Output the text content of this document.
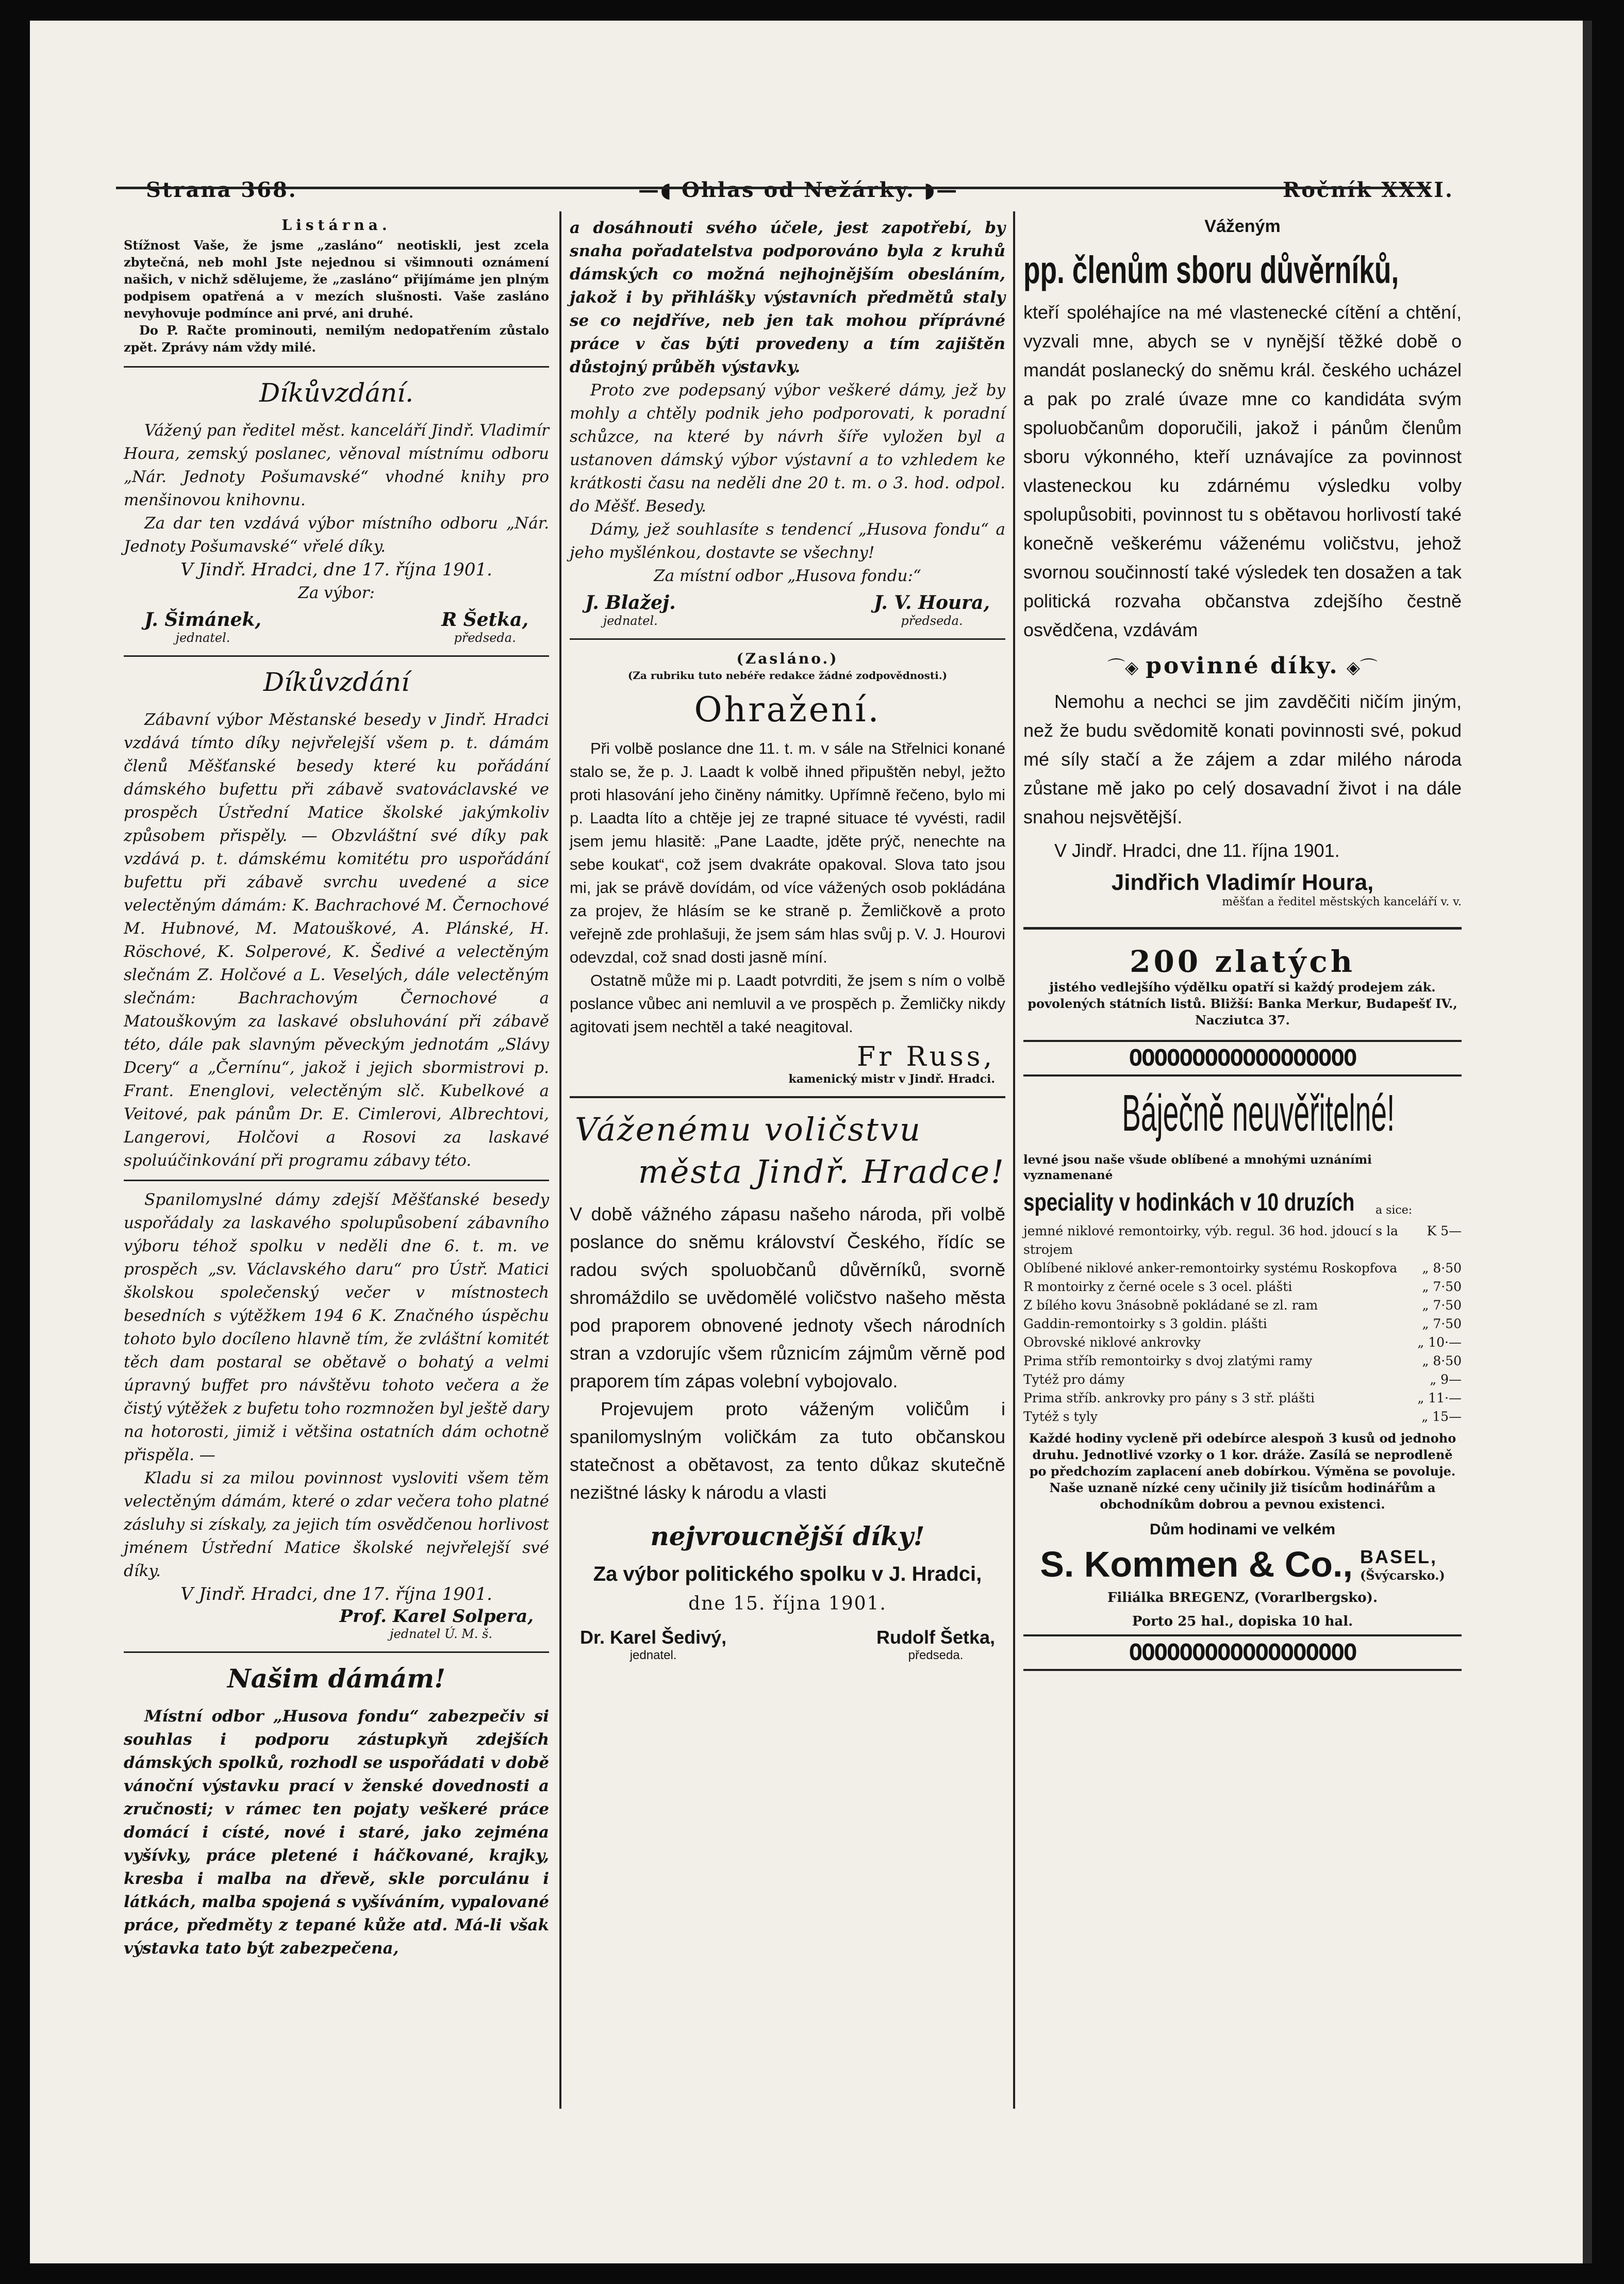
Strana 368.	—◖ Ohlas od Nežárky. ◗—	Ročník XXXI.

Listárna.

Stížnost Vaše, že jsme „zasláno“ neotiskli, jest zcela zbytečná, neb mohl Jste nejednou si všimnouti oznámení našich, v nichž sdělujeme, že „zasláno“ přijímáme jen plným podpisem opatřená a v mezích slušnosti. Vaše zasláno nevyhovuje podmínce ani prvé, ani druhé.

Do P. Račte prominouti, nemilým nedopatřením zůstalo zpět. Zprávy nám vždy milé.

Díkůvzdání.

Vážený pan ředitel měst. kanceláří Jindř. Vladimír Houra, zemský poslanec, věnoval místnímu odboru „Nár. Jednoty Pošumavské“ vhodné knihy pro menšinovou knihovnu.

Za dar ten vzdává výbor místního odboru „Nár. Jednoty Pošumavské“ vřelé díky.

V Jindř. Hradci, dne 17. října 1901.

Za výbor:

J. Šimánek,
jednatel.
R Šetka,
předseda.

Díkůvzdání

Zábavní výbor Městanské besedy v Jindř. Hradci vzdává tímto díky nejvřelejší všem p. t. dámám členů Měšťanské besedy které ku pořádání dámského bufettu při zábavě svatováclavské ve prospěch Ústřední Matice školské jakýmkoliv způsobem přispěly. — Obzvláštní své díky pak vzdává p. t. dámskému komitétu pro uspořádání bufettu při zábavě svrchu uvedené a sice velectěným dámám: K. Bachrachové M. Černochové M. Hubnové, M. Matouškové, A. Plánské, H. Röschové, K. Solperové, K. Šedivé a velectěným slečnám Z. Holčové a L. Veselých, dále velectěným slečnám: Bachrachovým Černochové a Matouškovým za laskavé obsluhování při zábavě této, dále pak slavným pěveckým jednotám „Slávy Dcery“ a „Černínu“, jakož i jejich sbormistrovi p. Frant. Enenglovi, velectěným slč. Kubelkové a Veitové, pak pánům Dr. E. Cimlerovi, Albrechtovi, Langerovi, Holčovi a Rosovi za laskavé spoluúčinkování při programu zábavy této.

Spanilomyslné dámy zdejší Měšťanské besedy uspořádaly za laskavého spolupůsobení zábavního výboru téhož spolku v neděli dne 6. t. m. ve prospěch „sv. Václavského daru“ pro Ústř. Matici školskou společenský večer v místnostech besedních s výtěžkem 194 6 K. Značného úspěchu tohoto bylo docíleno hlavně tím, že zvláštní komitét těch dam postaral se obětavě o bohatý a velmi úpravný buffet pro návštěvu tohoto večera a že čistý výtěžek z bufetu toho rozmnožen byl ještě dary na hotorosti, jimiž i většina ostatních dám ochotně přispěla. —

Kladu si za milou povinnost vysloviti všem těm velectěným dámám, které o zdar večera toho platné zásluhy si získaly, za jejich tím osvědčenou horlivost jménem Ústřední Matice školské nejvřelejší své díky.

V Jindř. Hradci, dne 17. října 1901.

Prof. Karel Solpera,
jednatel Ú. M. š.

Našim dámám!

Místní odbor „Husova fondu“ zabezpečiv si souhlas i podporu zástupkyň zdejších dámských spolků, rozhodl se uspořádati v době vánoční výstavku prací v ženské dovednosti a zručnosti; v rámec ten pojaty veškeré práce domácí i císté, nové i staré, jako zejména vyšívky, práce pletené i háčkované, krajky, kresba i malba na dřevě, skle porculánu i látkách, malba spojená s vyšíváním, vypalované práce, předměty z tepané kůže atd. Má-li však výstavka tato být zabezpečena,

a dosáhnouti svého účele, jest zapotřebí, by snaha pořadatelstva podporováno byla z kruhů dámských co možná nejhojnějším obesláním, jakož i by přihlášky výstavních předmětů staly se co nejdříve, neb jen tak mohou příprávné práce v čas býti provedeny a tím zajištěn důstojný průběh výstavky.

Proto zve podepsaný výbor veškeré dámy, jež by mohly a chtěly podnik jeho podporovati, k poradní schůzce, na které by návrh šíře vyložen byl a ustanoven dámský výbor výstavní a to vzhledem ke krátkosti času na neděli dne 20 t. m. o 3. hod. odpol. do Měšť. Besedy.

Dámy, jež souhlasíte s tendencí „Husova fondu“ a jeho myšlénkou, dostavte se všechny!

Za místní odbor „Husova fondu:“

J. Blažej.
jednatel.
J. V. Houra,
předseda.

(Zasláno.)

(Za rubriku tuto nebéře redakce žádné zodpovědnosti.)

Ohražení.

Při volbě poslance dne 11. t. m. v sále na Střelnici konané stalo se, že p. J. Laadt k volbě ihned připuštěn nebyl, ježto proti hlasování jeho činěny námitky. Upřímně řečeno, bylo mi p. Laadta líto a chtěje jej ze trapné situace té vyvésti, radil jsem jemu hlasitě: „Pane Laadte, jděte prýč, nenechte na sebe koukat“, což jsem dvakráte opakoval. Slova tato jsou mi, jak se právě dovídám, od více vážených osob pokládána za projev, že hlásím se ke straně p. Žemličkově a proto veřejně zde prohlašuji, že jsem sám hlas svůj p. V. J. Hourovi odevzdal, což snad dosti jasně míní.

Ostatně může mi p. Laadt potvrditi, že jsem s ním o volbě poslance vůbec ani nemluvil a ve prospěch p. Žemličky nikdy agitovati jsem nechtěl a také neagitoval.

Fr Russ,
kamenický mistr v Jindř. Hradci.

Váženému voličstvu

města Jindř. Hradce!

V době vážného zápasu našeho národa, při volbě poslance do sněmu království Českého, řídíc se radou svých spoluobčanů důvěrníků, svorně shromáždilo se uvědomělé voličstvo našeho města pod praporem obnovené jednoty všech národních stran a vzdorujíc všem různicím zájmům věrně pod praporem tím zápas volební vybojovalo.

Projevujem proto váženým voličům i spanilomyslným voličkám za tuto občanskou statečnost a obětavost, za tento důkaz skutečně nezištné lásky k národu a vlasti

nejvroucnější díky!

Za výbor politického spolku v J. Hradci,

dne 15. října 1901.

Dr. Karel Šedivý,
jednatel.
Rudolf Šetka,
předseda.

Váženým

pp. členům sboru důvěrníků,

kteří spoléhajíce na mé vlastenecké cítění a chtění, vyzvali mne, abych se v nynější těžké době o mandát poslanecký do sněmu král. českého ucházel a pak po zralé úvaze mne co kandidáta svým spoluobčanům doporučili, jakož i pánům členům sboru výkonného, kteří uznávajíce za povinnost vlasteneckou ku zdárnému výsledku volby spolupůsobiti, povinnost tu s obětavou horlivostí také konečně veškerému váženému voličstvu, jehož svornou součinností také výsledek ten dosažen a tak politická rozvaha občanstva zdejšího čestně osvědčena, vzdávám

⌒◈ povinné díky. ◈⌒

Nemohu a nechci se jim zavděčiti ničím jiným, než že budu svědomitě konati povinnosti své, pokud mé síly stačí a že zájem a zdar milého národa zůstane mě jako po celý dosavadní život i na dále snahou nejsvětější.

V Jindř. Hradci, dne 11. října 1901.

Jindřich Vladimír Houra,
měšťan a ředitel městských kanceláří v. v.

200 zlatých

jistého vedlejšího výdělku opatří si každý prodejem zák. povolených státních listů. Bližší: Banka Merkur, Budapešť IV., Nacziutca 37.

OOOOOOOOOOOOOOOOOO

Báječně neuvěřitelné!

levné jsou naše všude oblíbené a mnohými uznáními vyznamenané

speciality v hodinkách v 10 druzích a sice:
jemné niklové remontoirky, výb. regul. 36 hod. jdoucí s la strojem
K 5—
Oblíbené niklové anker-remontoirky systému Roskopfova „ 8·50
R montoirky z černé ocele s 3 ocel. plášti	„ 7·50
Z bílého kovu 3násobně pokládané se zl. ram	„ 7·50
Gaddin-remontoirky s 3 goldin. plášti	„ 7·50
Obrovské niklové ankrovky	„ 10·—
Prima stříb remontoirky s dvoj zlatými ramy	„ 8·50
Tytéž pro dámy	„ 9—
Prima stříb. ankrovky pro pány s 3 stř. plášti	„ 11·—
Tytéž s tyly	„ 15—

Každé hodiny vycleně při odebírce alespoň 3 kusů od jednoho druhu. Jednotlivé vzorky o 1 kor. dráže. Zasílá se neprodleně po předchozím zaplacení aneb dobírkou. Výměna se povoluje. Naše uznaně nízké ceny učinily již tisícům hodinářům a obchodníkům dobrou a pevnou existenci.

Dům hodinami ve velkém

S. Kommen & Co., BASEL,
(Švýcarsko.)

Filiálka BREGENZ, (Vorarlbergsko).

Porto 25 hal., dopiska 10 hal.

OOOOOOOOOOOOOOOOOO
